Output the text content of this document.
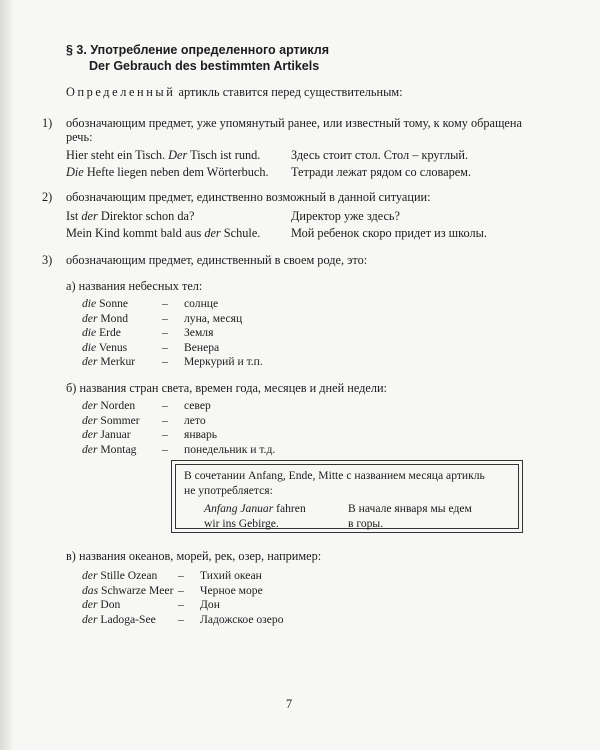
§ 3. Употребление определенного артикля
Der Gebrauch des bestimmten Artikels
Определенный артикль ставится перед существительным:
1) обозначающим предмет, уже упомянутый ранее, или известный тому, к кому обращена
речь:
Hier steht ein Tisch. Der Tisch ist rund.	Здесь стоит стол. Стол – круглый.
Die Hefte liegen neben dem Wörterbuch.	Тетради лежат рядом со словарем.
2) обозначающим предмет, единственно возможный в данной ситуации:
Ist der Direktor schon da?	Директор уже здесь?
Mein Kind kommt bald aus der Schule.	Мой ребенок скоро придет из школы.
3) обозначающим предмет, единственный в своем роде, это:
а) названия небесных тел:
die Sonne	–	солнце
der Mond	–	луна, месяц
die Erde	–	Земля
die Venus	–	Венера
der Merkur	–	Меркурий и т.п.
б) названия стран света, времен года, месяцев и дней недели:
der Norden	–	север
der Sommer	–	лето
der Januar	–	январь
der Montag	–	понедельник и т.д.
В сочетании Anfang, Ende, Mitte с названием месяца артикль
не употребляется:
Anfang Januar fahren
wir ins Gebirge.
В начале января мы едем
в горы.
в) названия океанов, морей, рек, озер, например:
der Stille Ozean	–	Тихий океан
das Schwarze Meer –	Черное море
der Don	–	Дон
der Ladoga-See	–	Ладожское озеро
7
